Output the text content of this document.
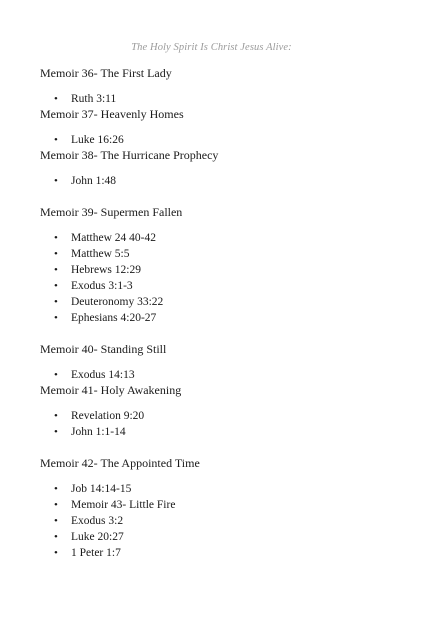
The Holy Spirit Is Christ Jesus Alive:
Memoir 36- The First Lady
• Ruth 3:11
Memoir 37- Heavenly Homes
• Luke 16:26
Memoir 38- The Hurricane Prophecy
• John 1:48
Memoir 39- Supermen Fallen
• Matthew 24 40-42
• Matthew 5:5
• Hebrews 12:29
• Exodus 3:1-3
• Deuteronomy 33:22
• Ephesians 4:20-27
Memoir 40- Standing Still
• Exodus 14:13
Memoir 41- Holy Awakening
• Revelation 9:20
• John 1:1-14
Memoir 42- The Appointed Time
• Job 14:14-15
• Memoir 43- Little Fire
• Exodus 3:2
• Luke 20:27
• 1 Peter 1:7
